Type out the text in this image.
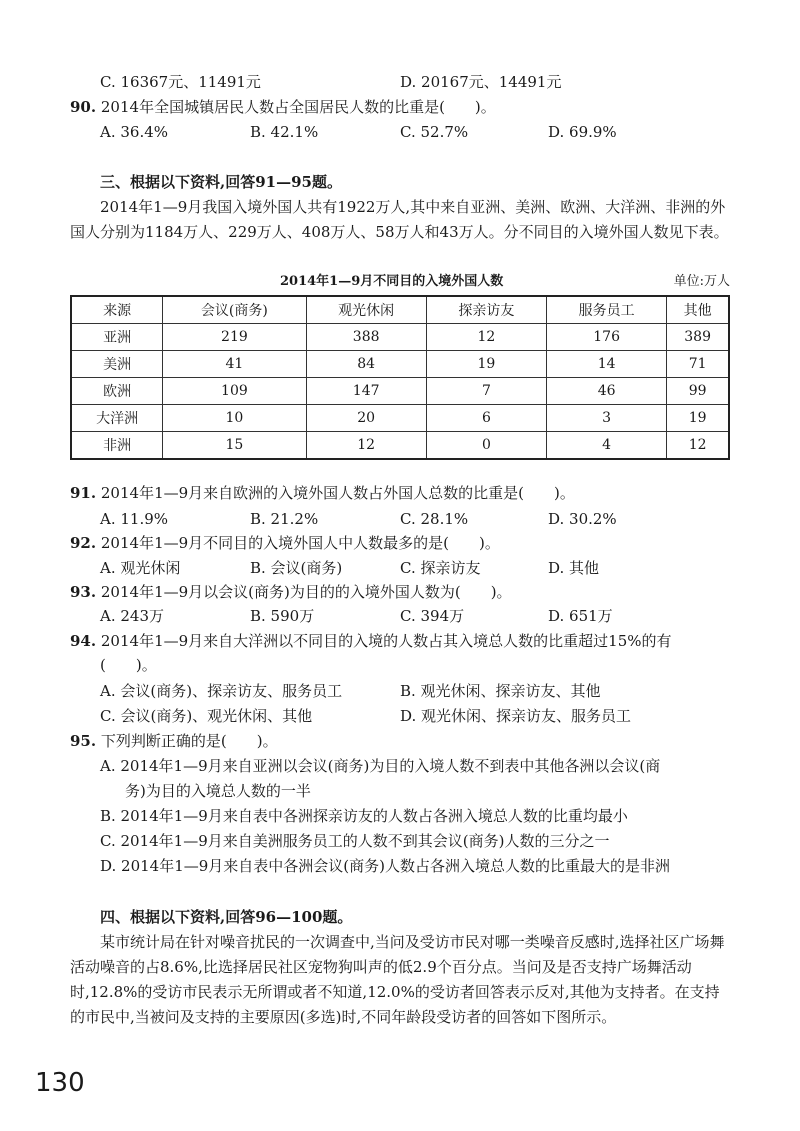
C. 16367元、11491元	D. 20167元、14491元
90. 2014年全国城镇居民人数占全国居民人数的比重是(　　)。
A. 36.4%	B. 42.1%	C. 52.7%	D. 69.9%
三、根据以下资料,回答91—95题。
2014年1—9月我国入境外国人共有1922万人,其中来自亚洲、美洲、欧洲、大洋洲、非洲的外国人分别为1184万人、229万人、408万人、58万人和43万人。分不同目的入境外国人数见下表。
2014年1—9月不同目的入境外国人数	单位:万人
来源	会议(商务)	观光休闲	探亲访友	服务员工	其他
亚洲	219	388	12	176	389
美洲	41	84	19	14	71
欧洲	109	147	7	46	99
大洋洲	10	20	6	3	19
非洲	15	12	0	4	12
91. 2014年1—9月来自欧洲的入境外国人数占外国人总数的比重是(　　)。
A. 11.9%	B. 21.2%	C. 28.1%	D. 30.2%
92. 2014年1—9月不同目的入境外国人中人数最多的是(　　)。
A. 观光休闲	B. 会议(商务)	C. 探亲访友	D. 其他
93. 2014年1—9月以会议(商务)为目的的入境外国人数为(　　)。
A. 243万	B. 590万	C. 394万	D. 651万
94. 2014年1—9月来自大洋洲以不同目的入境的人数占其入境总人数的比重超过15%的有
(　　)。
A. 会议(商务)、探亲访友、服务员工	B. 观光休闲、探亲访友、其他
C. 会议(商务)、观光休闲、其他	D. 观光休闲、探亲访友、服务员工
95. 下列判断正确的是(　　)。
A. 2014年1—9月来自亚洲以会议(商务)为目的入境人数不到表中其他各洲以会议(商
务)为目的入境总人数的一半
B. 2014年1—9月来自表中各洲探亲访友的人数占各洲入境总人数的比重均最小
C. 2014年1—9月来自美洲服务员工的人数不到其会议(商务)人数的三分之一
D. 2014年1—9月来自表中各洲会议(商务)人数占各洲入境总人数的比重最大的是非洲
四、根据以下资料,回答96—100题。
某市统计局在针对噪音扰民的一次调查中,当问及受访市民对哪一类噪音反感时,选择社区广场舞活动噪音的占8.6%,比选择居民社区宠物狗叫声的低2.9个百分点。当问及是否支持广场舞活动时,12.8%的受访市民表示无所谓或者不知道,12.0%的受访者回答表示反对,其他为支持者。在支持的市民中,当被问及支持的主要原因(多选)时,不同年龄段受访者的回答如下图所示。
130
